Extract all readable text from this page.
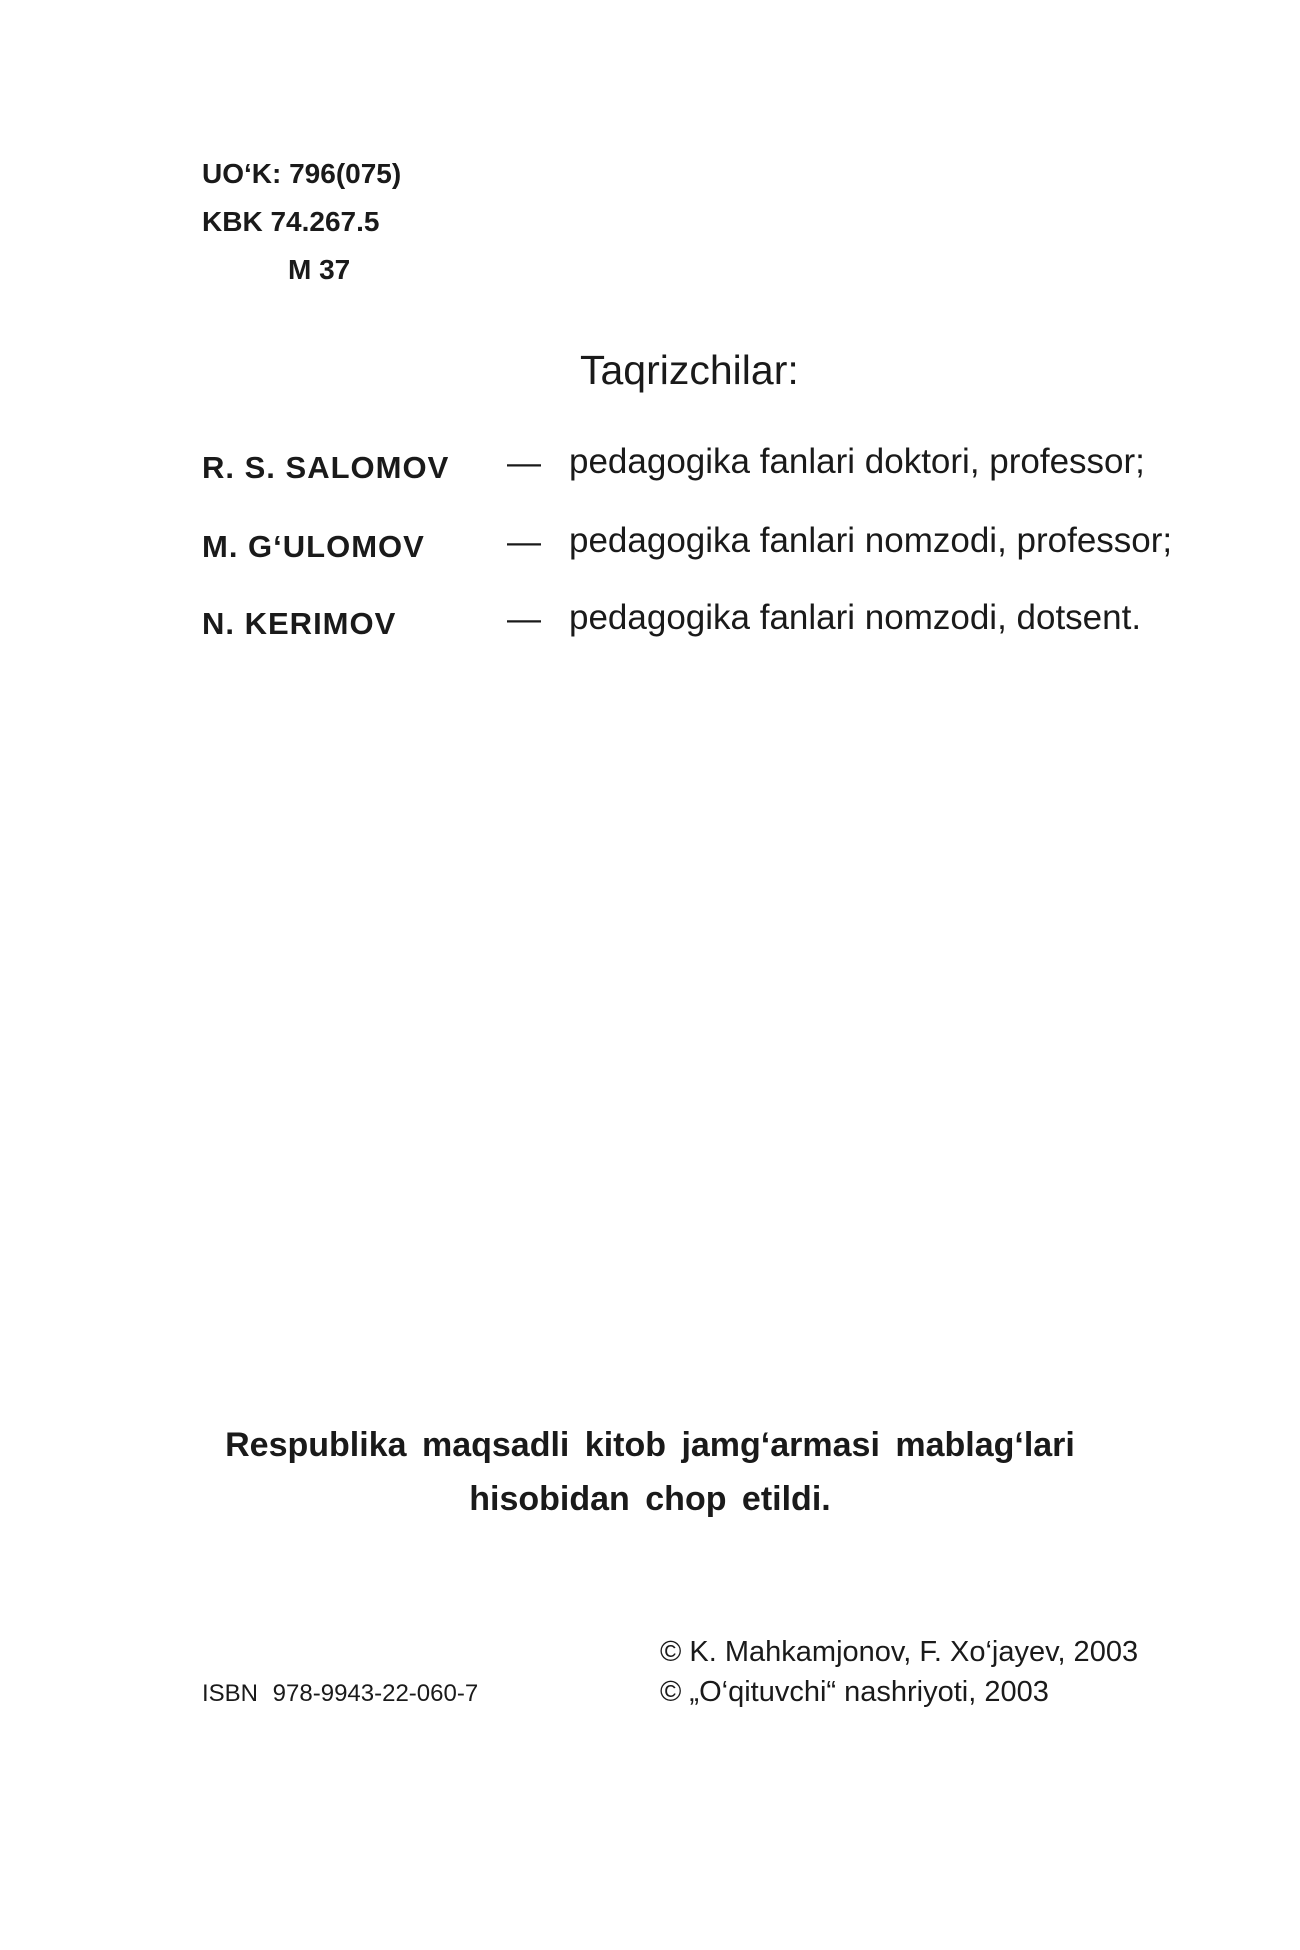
UO‘K: 796(075)
KBK 74.267.5
M 37
Taqrizchilar:
R. S. SALOMOV — pedagogika fanlari doktori, professor;
M. G‘ULOMOV — pedagogika fanlari nomzodi, professor;
N. KERIMOV	— pedagogika fanlari nomzodi, dotsent.
Respublika maqsadli kitob jamg‘armasi mablag‘lari
hisobidan chop etildi.
ISBN 978-9943-22-060-7
© K. Mahkamjonov, F. Xo‘jayev, 2003
© „O‘qituvchi“ nashriyoti, 2003
